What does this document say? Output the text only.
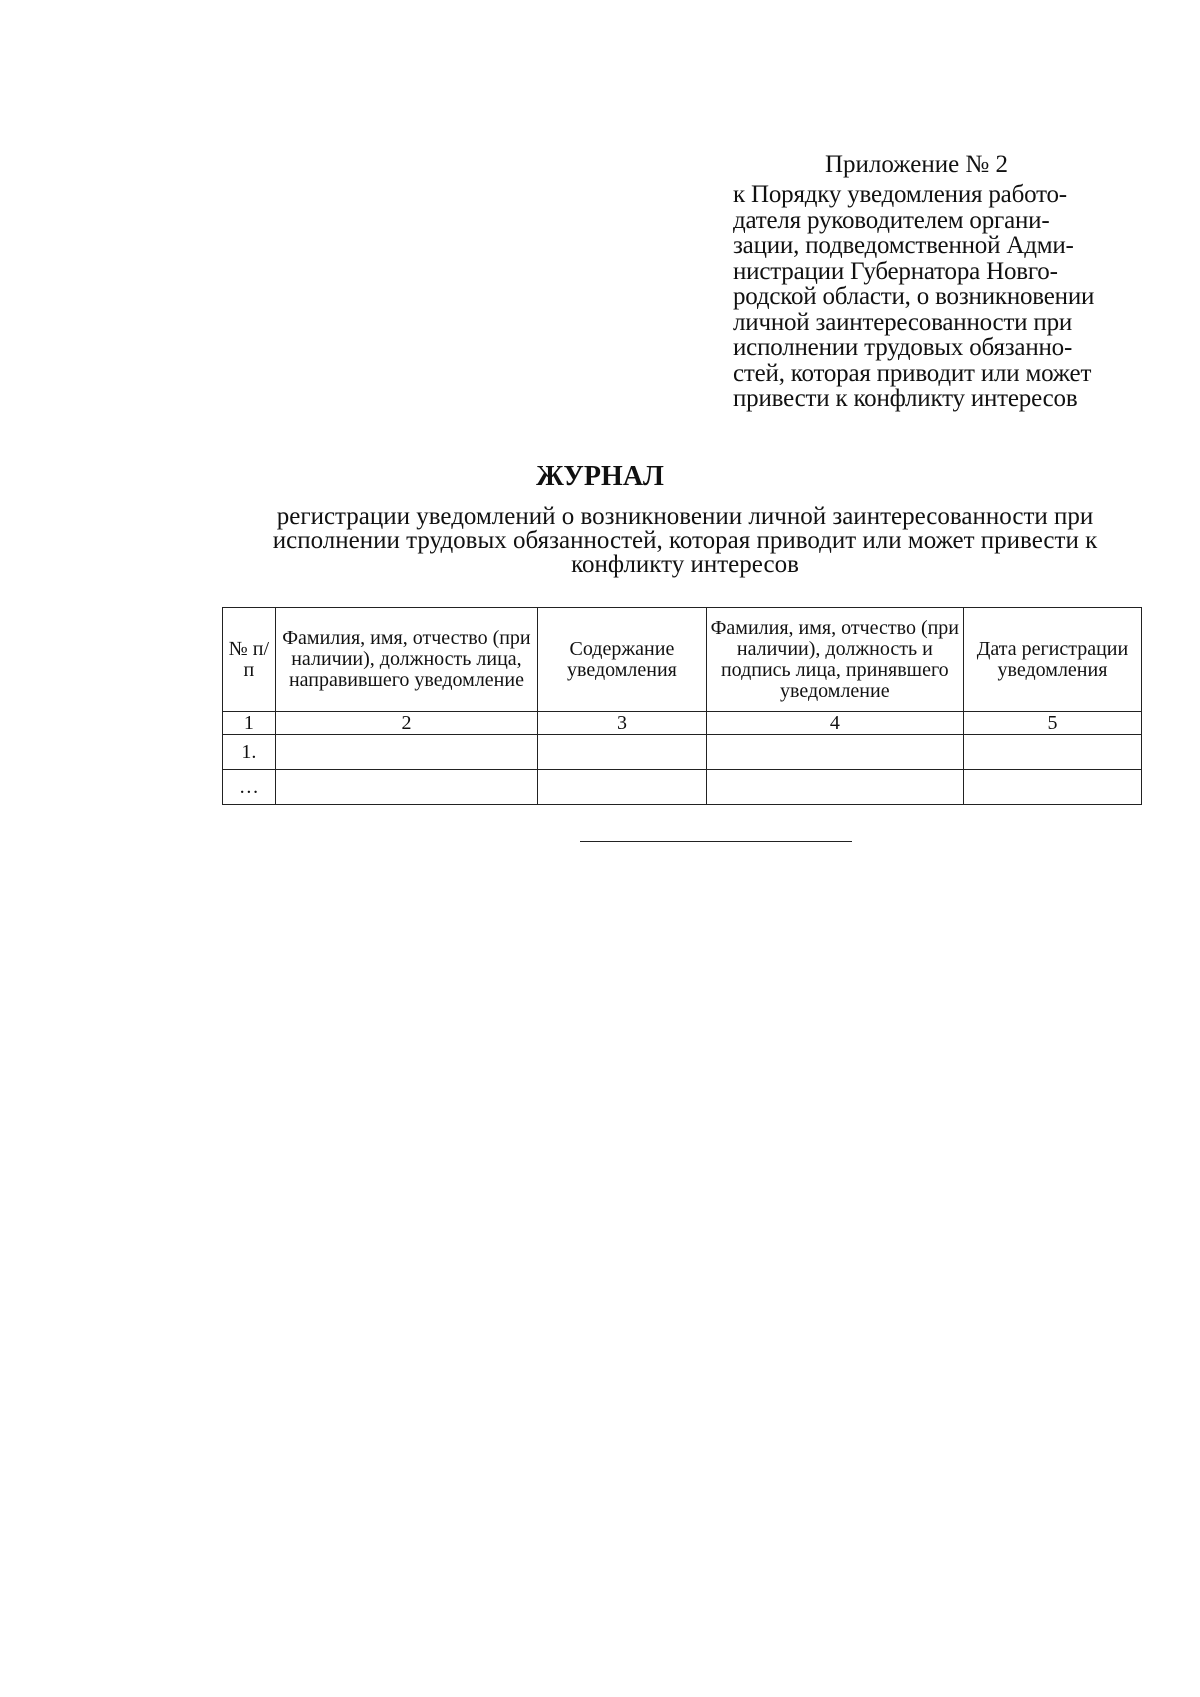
Приложение № 2
к Порядку уведомления работо-
дателя руководителем органи-
зации, подведомственной Адми-
нистрации Губернатора Новго-
родской области, о возникновении
личной заинтересованности при
исполнении трудовых обязанно-
стей, которая приводит или может
привести к конфликту интересов
ЖУРНАЛ
регистрации уведомлений о возникновении личной заинтересованности при
исполнении трудовых обязанностей, которая приводит или может привести к
конфликту интересов
№ п/п	Фамилия, имя, отчество (при наличии), должность лица, направившего уведомление	Содержание уведомления	Фамилия, имя, отчество (при наличии), должность и подпись лица, принявшего уведомление	Дата регистрации уведомления
1	2	3	4	5
1.				
…				
